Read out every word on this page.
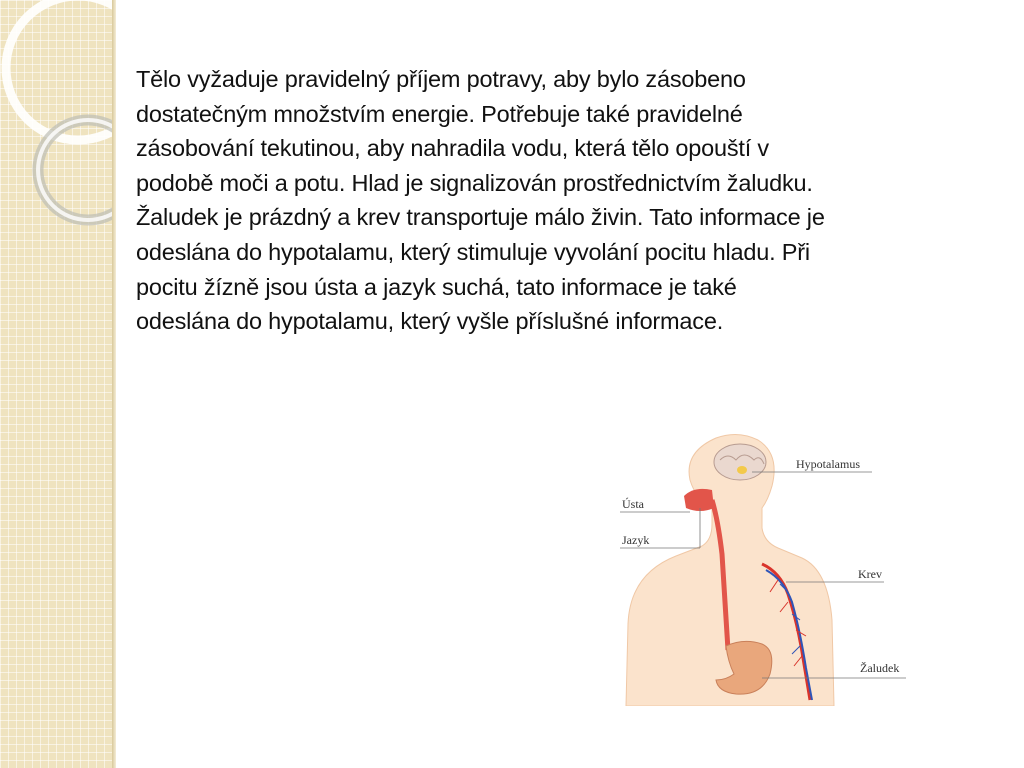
Tělo vyžaduje pravidelný příjem potravy, aby bylo zásobeno dostatečným množstvím energie. Potřebuje také pravidelné zásobování tekutinou, aby nahradila vodu, která tělo opouští v podobě moči a potu. Hlad je signalizován prostřednictvím žaludku. Žaludek je prázdný a krev transportuje málo živin. Tato informace je odeslána do hypotalamu, který stimuluje vyvolání pocitu hladu. Při pocitu žízně jsou ústa a jazyk suchá, tato informace je také odeslána do hypotalamu, který vyšle příslušné informace.

Hypotalamus
Ústa
Jazyk
Krev
Žaludek
